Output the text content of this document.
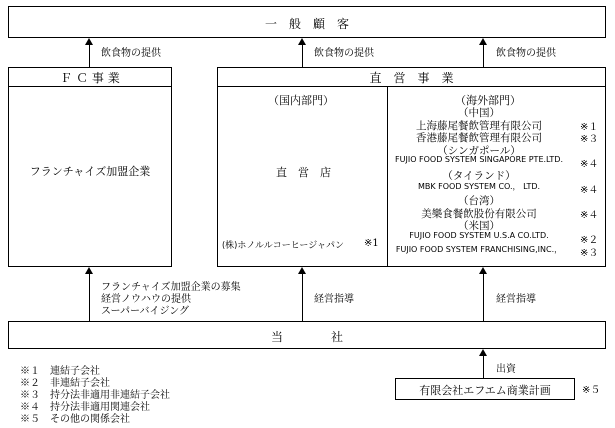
一　般　顧　客
飲食物の提供	飲食物の提供	飲食物の提供
Ｆ Ｃ 事 業
フランチャイズ加盟企業
直　営　事　業
（国内部門）
直　営　店
(株)ホノルルコーヒージャパン ※1
（海外部門）
（中国）
上海藤尾餐飲管理有限公司	※１
香港藤尾餐飲管理有限公司	※３
（シンガポール）
FUJIO FOOD SYSTEM SINGAPORE PTE.LTD.	※４
（タイランド）
MBK FOOD SYSTEM CO.， LTD.	※４
（台湾）
美樂食餐飲股份有限公司	※４
（米国）
FUJIO FOOD SYSTEM U.S.A CO.LTD.	※２
FUJIO FOOD SYSTEM FRANCHISING,INC.，	※３
フランチャイズ加盟企業の募集
経営ノウハウの提供
スーパーバイジング
経営指導	経営指導
当　　　　社
出資
有限会社エフエム商業計画	※５
※１　連結子会社
※２　非連結子会社
※３　持分法非適用非連結子会社
※４　持分法非適用関連会社
※５　その他の関係会社
